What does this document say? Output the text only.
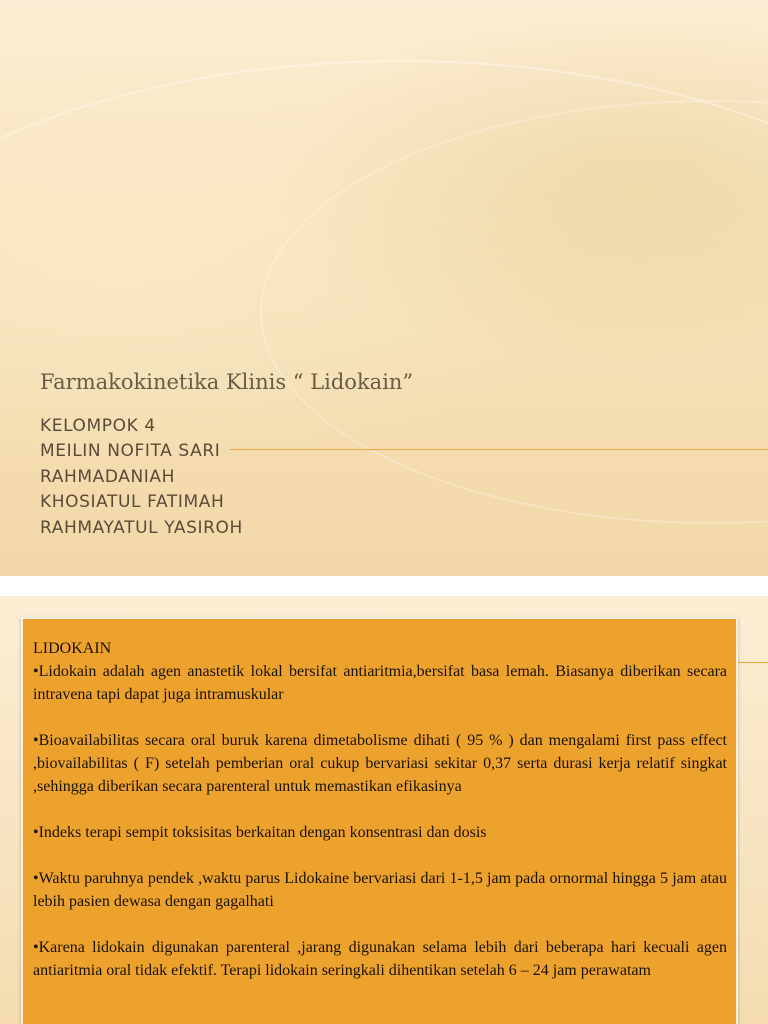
Farmakokinetika Klinis “ Lidokain”
KELOMPOK 4
MEILIN NOFITA SARI
RAHMADANIAH
KHOSIATUL FATIMAH
RAHMAYATUL YASIROH

LIDOKAIN

•Lidokain adalah agen anastetik lokal bersifat antiaritmia,bersifat basa lemah. Biasanya diberikan secara intravena tapi dapat juga intramuskular

•Bioavailabilitas secara oral buruk karena dimetabolisme dihati ( 95 % ) dan mengalami first pass effect ,biovailabilitas ( F) setelah pemberian oral cukup bervariasi sekitar 0,37 serta durasi kerja relatif singkat ,sehingga diberikan secara parenteral untuk memastikan efikasinya

•Indeks terapi sempit toksisitas berkaitan dengan konsentrasi dan dosis

•Waktu paruhnya pendek ,waktu parus Lidokaine bervariasi dari 1-1,5 jam pada ornormal hingga 5 jam atau lebih pasien dewasa dengan gagalhati

•Karena lidokain digunakan parenteral ,jarang digunakan selama lebih dari beberapa hari kecuali agen antiaritmia oral tidak efektif. Terapi lidokain seringkali dihentikan setelah 6 – 24 jam perawatam
